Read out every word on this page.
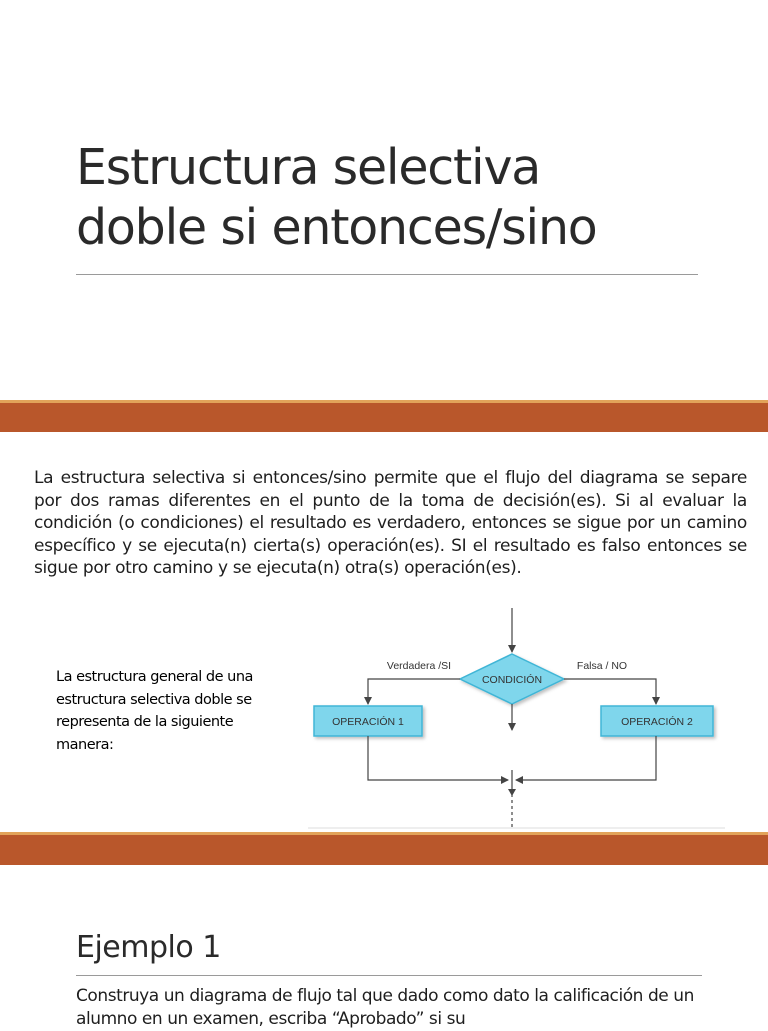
Estructura selectiva
doble si entonces/sino

La estructura selectiva si entonces/sino permite que el flujo del diagrama se separe por dos ramas diferentes en el punto de la toma de decisión(es). Si al evaluar la condición (o condiciones) el resultado es verdadero, entonces se sigue por un camino específico y se ejecuta(n) cierta(s) operación(es). SI el resultado es falso entonces se sigue por otro camino y se ejecuta(n) otra(s) operación(es).

La estructura general de una estructura selectiva doble se representa de la siguiente manera:

CONDICIÓN
Verdadera /SI	Falsa / NO
OPERACIÓN 1	OPERACIÓN 2
Ejemplo 1

Construya un diagrama de flujo tal que dado como dato la calificación de un alumno en un examen, escriba “Aprobado” si su
